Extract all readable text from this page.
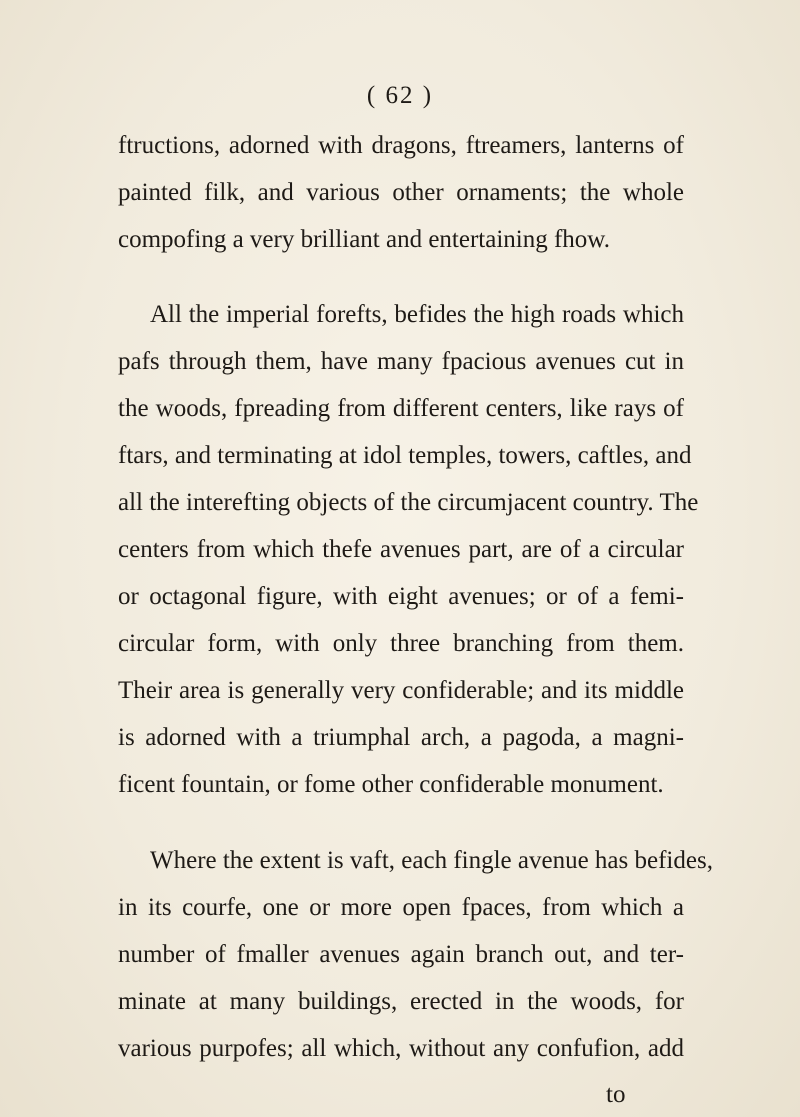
( 62 )
ftructions, adorned with dragons, ftreamers, lanterns of
painted filk, and various other ornaments; the whole
compofing a very brilliant and entertaining fhow.
All the imperial forefts, befides the high roads which
pafs through them, have many fpacious avenues cut in
the woods, fpreading from different centers, like rays of
ftars, and terminating at idol temples, towers, caftles, and
all the interefting objects of the circumjacent country. The
centers from which thefe avenues part, are of a circular
or octagonal figure, with eight avenues; or of a femi-
circular form, with only three branching from them.
Their area is generally very confiderable; and its middle
is adorned with a triumphal arch, a pagoda, a magni-
ficent fountain, or fome other confiderable monument.
Where the extent is vaft, each fingle avenue has befides,
in its courfe, one or more open fpaces, from which a
number of fmaller avenues again branch out, and ter-
minate at many buildings, erected in the woods, for
various purpofes; all which, without any confufion, add
to
